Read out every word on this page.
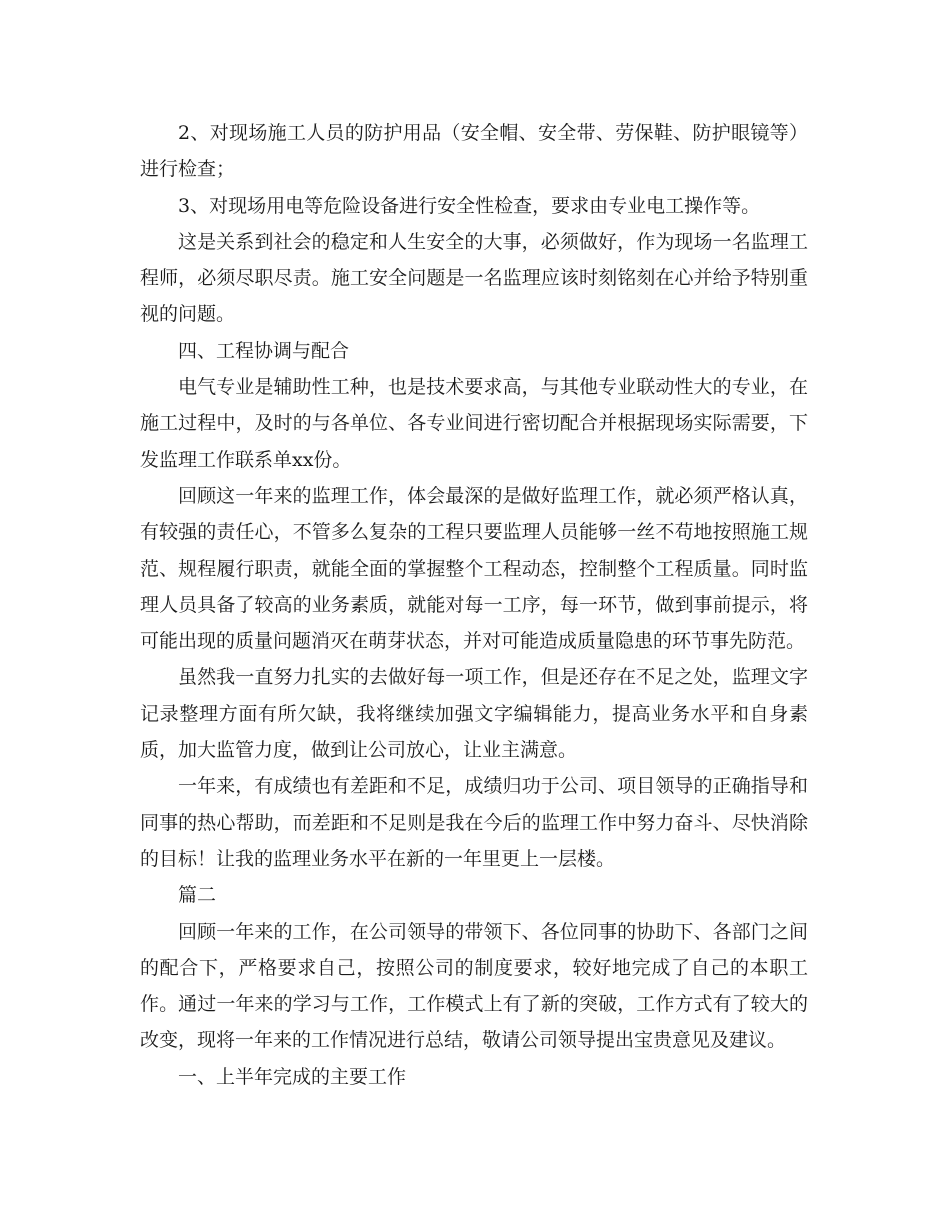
2、对现场施工人员的防护用品（安全帽、安全带、劳保鞋、防护眼镜等）进行检查；

3、对现场用电等危险设备进行安全性检查，要求由专业电工操作等。

这是关系到社会的稳定和人生安全的大事，必须做好，作为现场一名监理工程师，必须尽职尽责。施工安全问题是一名监理应该时刻铭刻在心并给予特别重视的问题。

四、工程协调与配合

电气专业是辅助性工种，也是技术要求高，与其他专业联动性大的专业，在施工过程中，及时的与各单位、各专业间进行密切配合并根据现场实际需要，下发监理工作联系单xx份。

回顾这一年来的监理工作，体会最深的是做好监理工作，就必须严格认真，有较强的责任心，不管多么复杂的工程只要监理人员能够一丝不苟地按照施工规范、规程履行职责，就能全面的掌握整个工程动态，控制整个工程质量。同时监理人员具备了较高的业务素质，就能对每一工序，每一环节，做到事前提示，将可能出现的质量问题消灭在萌芽状态，并对可能造成质量隐患的环节事先防范。

虽然我一直努力扎实的去做好每一项工作，但是还存在不足之处，监理文字记录整理方面有所欠缺，我将继续加强文字编辑能力，提高业务水平和自身素质，加大监管力度，做到让公司放心，让业主满意。

一年来，有成绩也有差距和不足，成绩归功于公司、项目领导的正确指导和同事的热心帮助，而差距和不足则是我在今后的监理工作中努力奋斗、尽快消除的目标！让我的监理业务水平在新的一年里更上一层楼。

篇二

回顾一年来的工作，在公司领导的带领下、各位同事的协助下、各部门之间的配合下，严格要求自己，按照公司的制度要求，较好地完成了自己的本职工作。通过一年来的学习与工作，工作模式上有了新的突破，工作方式有了较大的改变，现将一年来的工作情况进行总结，敬请公司领导提出宝贵意见及建议。

一、上半年完成的主要工作
